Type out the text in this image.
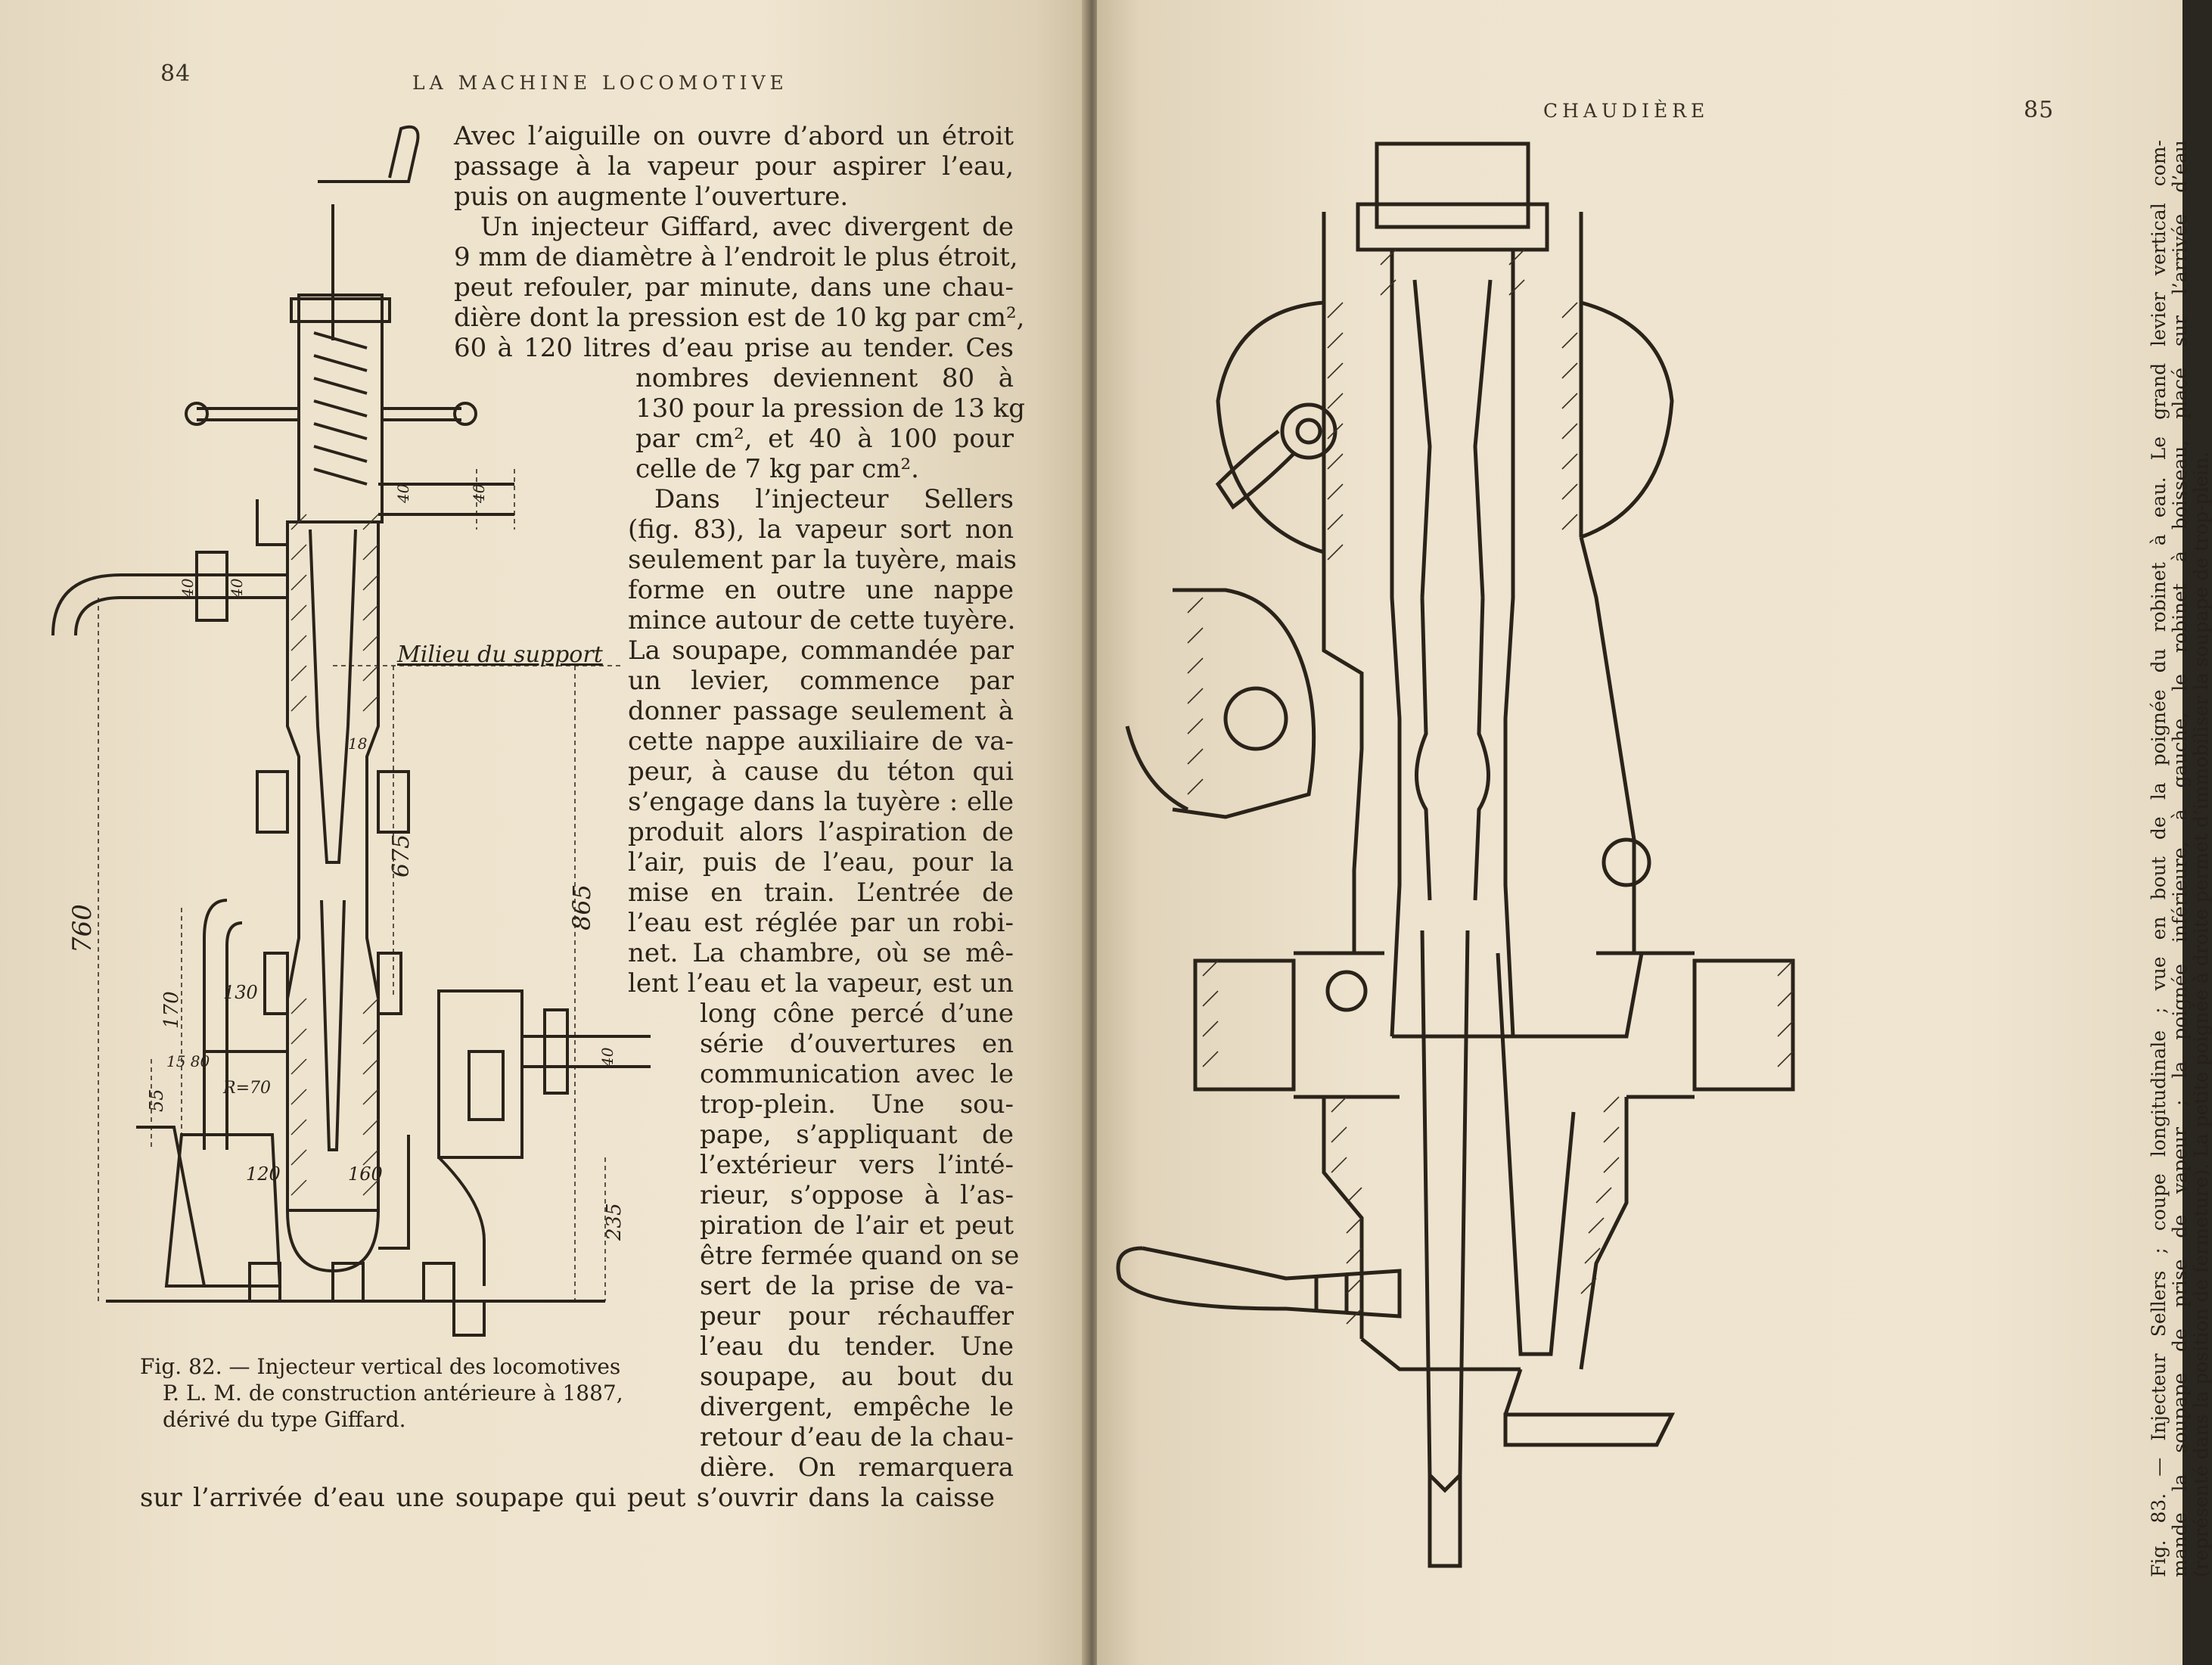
84	LA MACHINE LOCOMOTIVE
Avec l’aiguille on ouvre d’abord un étroit
passage à la vapeur pour aspirer l’eau,
puis on augmente l’ouverture.
Un injecteur Giffard, avec divergent de
9 mm de diamètre à l’endroit le plus étroit,
peut refouler, par minute, dans une chau-
dière dont la pression est de 10 kg par cm²,
60 à 120 litres d’eau prise au tender. Ces
nombres deviennent 80 à
130 pour la pression de 13 kg
par cm², et 40 à 100 pour
celle de 7 kg par cm².
Dans l’injecteur Sellers
(fig. 83), la vapeur sort non
seulement par la tuyère, mais
forme en outre une nappe
mince autour de cette tuyère.
La soupape, commandée par
un levier, commence par
donner passage seulement à
cette nappe auxiliaire de va-
peur, à cause du téton qui
s’engage dans la tuyère : elle
produit alors l’aspiration de
l’air, puis de l’eau, pour la
mise en train. L’entrée de
l’eau est réglée par un robi-
net. La chambre, où se mê-
lent l’eau et la vapeur, est un
long cône percé d’une
série d’ouvertures en
communication avec le
trop-plein. Une sou-
pape, s’appliquant de
l’extérieur vers l’inté-
rieur, s’oppose à l’as-
piration de l’air et peut
être fermée quand on se
sert de la prise de va-
peur pour réchauffer
l’eau du tender. Une
soupape, au bout du
divergent, empêche le
retour d’eau de la chau-
dière. On remarquera
sur l’arrivée d’eau une soupape qui peut s’ouvrir dans la caisse
Milieu du support
760	865
675
170 130
120	160
235
55
15 80
R=70
40	40
40 40
40
18
Fig. 82. — Injecteur vertical des locomotives
P. L. M. de construction antérieure à 1887,
dérivé du type Giffard.
CHAUDIÈRE	85
Fig. 83. — Injecteur Sellers ; coupe longitudinale ; vue en bout de la poignée du robinet à eau. Le grand levier vertical com- mande la soupape de prise de vapeur ; la poignée inférieure, à gauche, le robinet à boisseau, placé sur l’arrivée d’eau (représenté dans la position de fermeture). La petite poignée à droite permet d’immobiliser la soupape de trop-plein.
